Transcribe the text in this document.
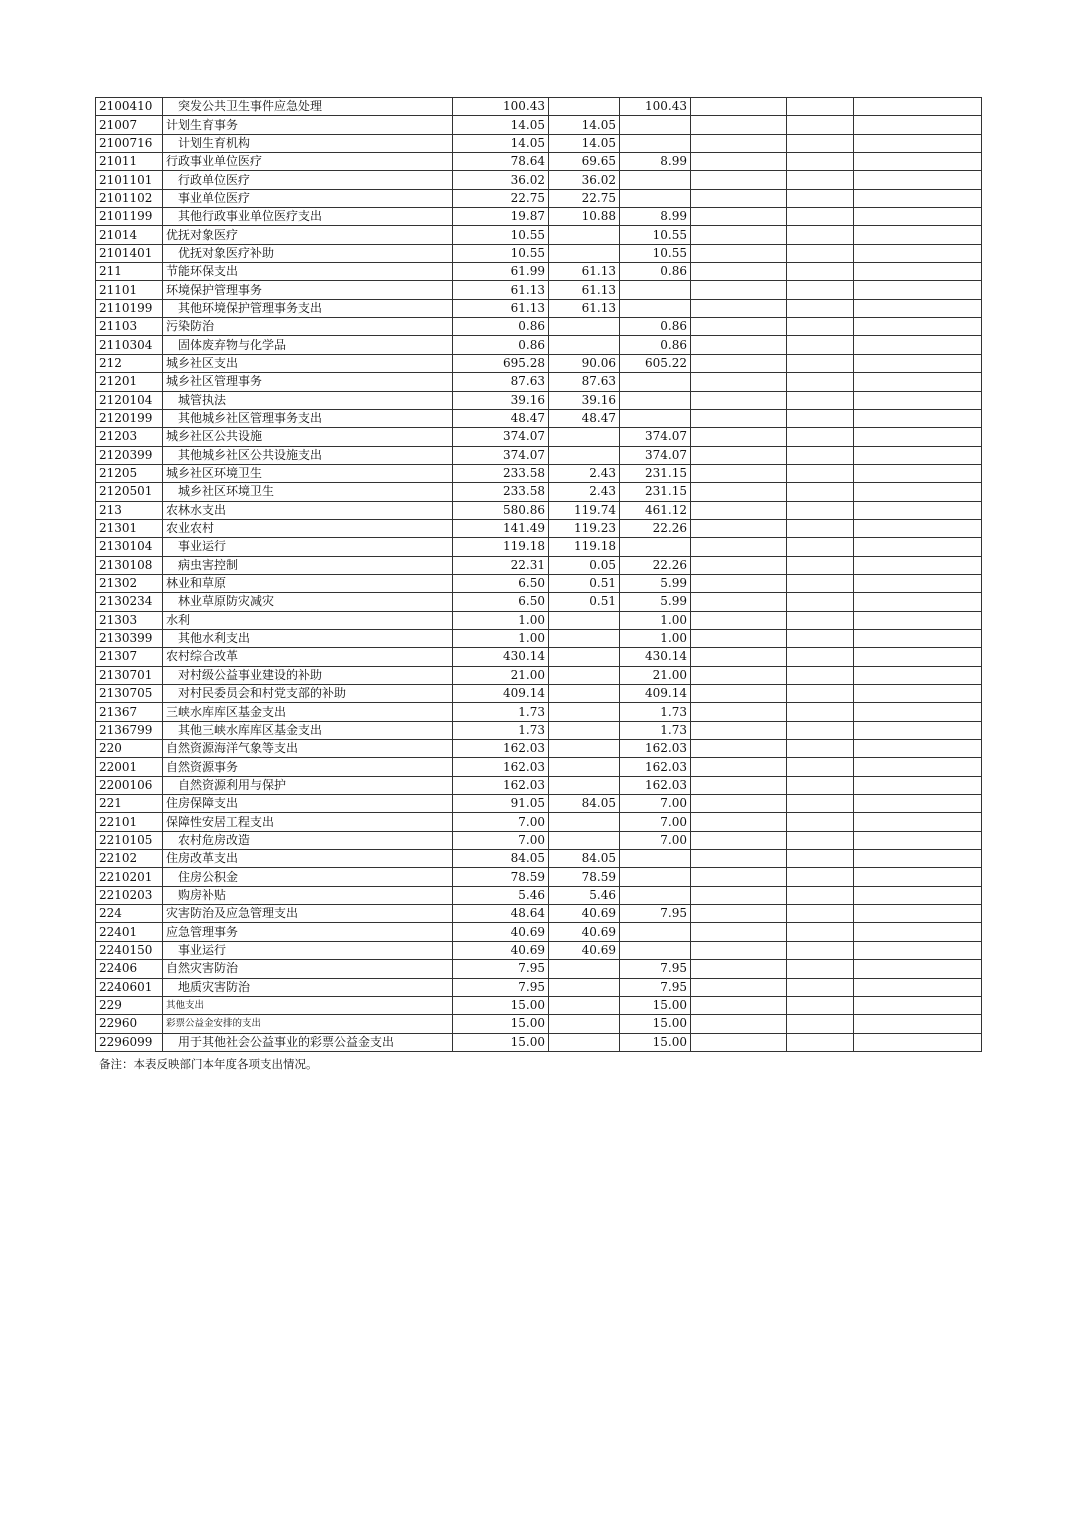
2100410	突发公共卫生事件应急处理	100.43		100.43			
21007	计划生育事务	14.05	14.05				
2100716	计划生育机构	14.05	14.05				
21011	行政事业单位医疗	78.64	69.65	8.99			
2101101	行政单位医疗	36.02	36.02				
2101102	事业单位医疗	22.75	22.75				
2101199	其他行政事业单位医疗支出	19.87	10.88	8.99			
21014	优抚对象医疗	10.55		10.55			
2101401	优抚对象医疗补助	10.55		10.55			
211	节能环保支出	61.99	61.13	0.86			
21101	环境保护管理事务	61.13	61.13				
2110199	其他环境保护管理事务支出	61.13	61.13				
21103	污染防治	0.86		0.86			
2110304	固体废弃物与化学品	0.86		0.86			
212	城乡社区支出	695.28	90.06	605.22			
21201	城乡社区管理事务	87.63	87.63				
2120104	城管执法	39.16	39.16				
2120199	其他城乡社区管理事务支出	48.47	48.47				
21203	城乡社区公共设施	374.07		374.07			
2120399	其他城乡社区公共设施支出	374.07		374.07			
21205	城乡社区环境卫生	233.58	2.43	231.15			
2120501	城乡社区环境卫生	233.58	2.43	231.15			
213	农林水支出	580.86	119.74	461.12			
21301	农业农村	141.49	119.23	22.26			
2130104	事业运行	119.18	119.18				
2130108	病虫害控制	22.31	0.05	22.26			
21302	林业和草原	6.50	0.51	5.99			
2130234	林业草原防灾减灾	6.50	0.51	5.99			
21303	水利	1.00		1.00			
2130399	其他水利支出	1.00		1.00			
21307	农村综合改革	430.14		430.14			
2130701	对村级公益事业建设的补助	21.00		21.00			
2130705	对村民委员会和村党支部的补助	409.14		409.14			
21367	三峡水库库区基金支出	1.73		1.73			
2136799	其他三峡水库库区基金支出	1.73		1.73			
220	自然资源海洋气象等支出	162.03		162.03			
22001	自然资源事务	162.03		162.03			
2200106	自然资源利用与保护	162.03		162.03			
221	住房保障支出	91.05	84.05	7.00			
22101	保障性安居工程支出	7.00		7.00			
2210105	农村危房改造	7.00		7.00			
22102	住房改革支出	84.05	84.05				
2210201	住房公积金	78.59	78.59				
2210203	购房补贴	5.46	5.46				
224	灾害防治及应急管理支出	48.64	40.69	7.95			
22401	应急管理事务	40.69	40.69				
2240150	事业运行	40.69	40.69				
22406	自然灾害防治	7.95		7.95			
2240601	地质灾害防治	7.95		7.95			
229	其他支出	15.00		15.00			
22960	彩票公益金安排的支出	15.00		15.00			
2296099	用于其他社会公益事业的彩票公益金支出	15.00		15.00			
备注：本表反映部门本年度各项支出情况。
